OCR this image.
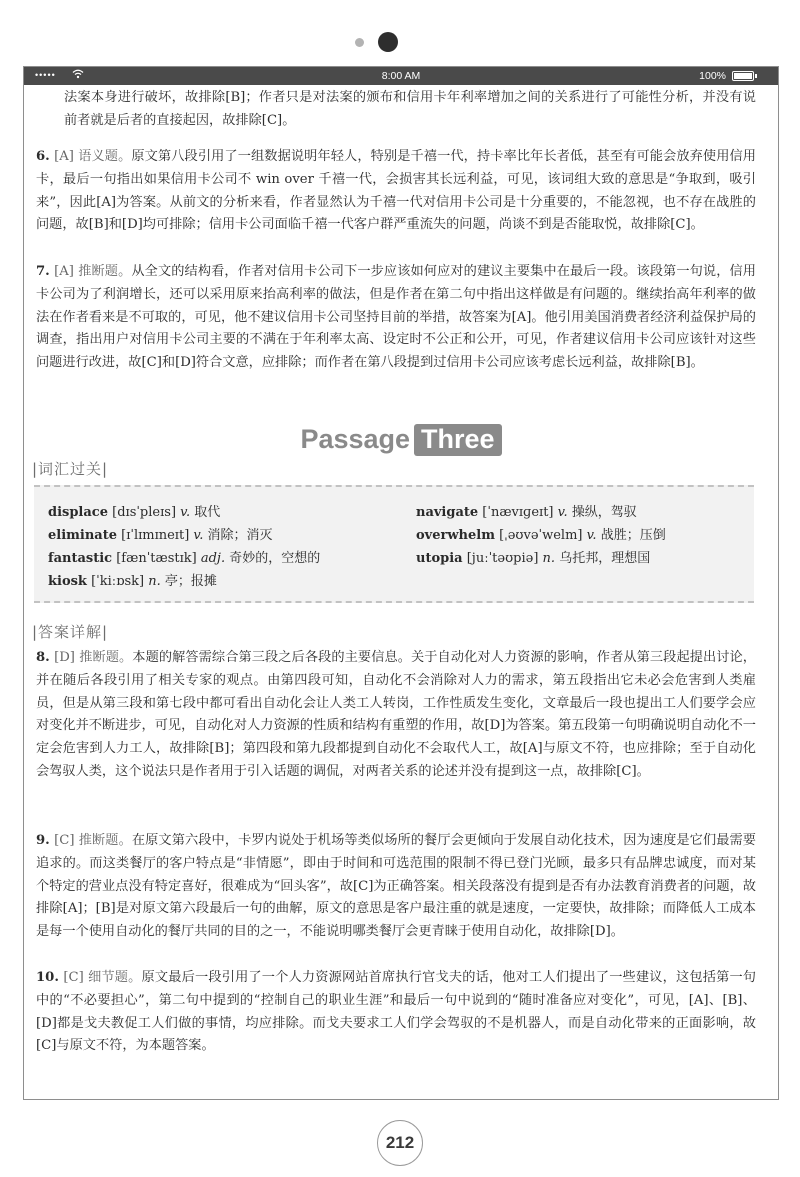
•••••	8:00 AM	100%
法案本身进行破坏，故排除[B]；作者只是对法案的颁布和信用卡年利率增加之间的关系进行了可能性分析，并没有说前者就是后者的直接起因，故排除[C]。
6. [A] 语义题。原文第八段引用了一组数据说明年轻人，特别是千禧一代，持卡率比年长者低，甚至有可能会放弃使用信用卡，最后一句指出如果信用卡公司不 win over 千禧一代，会损害其长远利益，可见，该词组大致的意思是“争取到，吸引来”，因此[A]为答案。从前文的分析来看，作者显然认为千禧一代对信用卡公司是十分重要的，不能忽视，也不存在战胜的问题，故[B]和[D]均可排除；信用卡公司面临千禧一代客户群严重流失的问题，尚谈不到是否能取悦，故排除[C]。
7. [A] 推断题。从全文的结构看，作者对信用卡公司下一步应该如何应对的建议主要集中在最后一段。该段第一句说，信用卡公司为了利润增长，还可以采用原来抬高利率的做法，但是作者在第二句中指出这样做是有问题的。继续抬高年利率的做法在作者看来是不可取的，可见，他不建议信用卡公司坚持目前的举措，故答案为[A]。他引用美国消费者经济利益保护局的调查，指出用户对信用卡公司主要的不满在于年利率太高、设定时不公正和公开，可见，作者建议信用卡公司应该针对这些问题进行改进，故[C]和[D]符合文意，应排除；而作者在第八段提到过信用卡公司应该考虑长远利益，故排除[B]。
Passage Three
|词汇过关|
displace [dɪsˈpleɪs] v. 取代
eliminate [ɪˈlɪmɪneɪt] v. 消除；消灭
fantastic [fænˈtæstɪk] adj. 奇妙的，空想的
kiosk [ˈkiːɒsk] n. 亭；报摊
navigate [ˈnævɪɡeɪt] v. 操纵，驾驭
overwhelm [ˌəʊvəˈwelm] v. 战胜；压倒
utopia [juːˈtəʊpiə] n. 乌托邦，理想国
|答案详解|
8. [D] 推断题。本题的解答需综合第三段之后各段的主要信息。关于自动化对人力资源的影响，作者从第三段起提出讨论，并在随后各段引用了相关专家的观点。由第四段可知，自动化不会消除对人力的需求，第五段指出它未必会危害到人类雇员，但是从第三段和第七段中都可看出自动化会让人类工人转岗，工作性质发生变化，文章最后一段也提出工人们要学会应对变化并不断进步，可见，自动化对人力资源的性质和结构有重塑的作用，故[D]为答案。第五段第一句明确说明自动化不一定会危害到人力工人，故排除[B]；第四段和第九段都提到自动化不会取代人工，故[A]与原文不符，也应排除；至于自动化会驾驭人类，这个说法只是作者用于引入话题的调侃，对两者关系的论述并没有提到这一点，故排除[C]。
9. [C] 推断题。在原文第六段中，卡罗内说处于机场等类似场所的餐厅会更倾向于发展自动化技术，因为速度是它们最需要追求的。而这类餐厅的客户特点是“非情愿”，即由于时间和可选范围的限制不得已登门光顾，最多只有品牌忠诚度，而对某个特定的营业点没有特定喜好，很难成为“回头客”，故[C]为正确答案。相关段落没有提到是否有办法教育消费者的问题，故排除[A]；[B]是对原文第六段最后一句的曲解，原文的意思是客户最注重的就是速度，一定要快，故排除；而降低人工成本是每一个使用自动化的餐厅共同的目的之一，不能说明哪类餐厅会更青睐于使用自动化，故排除[D]。
10. [C] 细节题。原文最后一段引用了一个人力资源网站首席执行官戈夫的话，他对工人们提出了一些建议，这包括第一句中的“不必要担心”，第二句中提到的“控制自己的职业生涯”和最后一句中说到的“随时准备应对变化”，可见，[A]、[B]、[D]都是戈夫教促工人们做的事情，均应排除。而戈夫要求工人们学会驾驭的不是机器人，而是自动化带来的正面影响，故[C]与原文不符，为本题答案。
212
